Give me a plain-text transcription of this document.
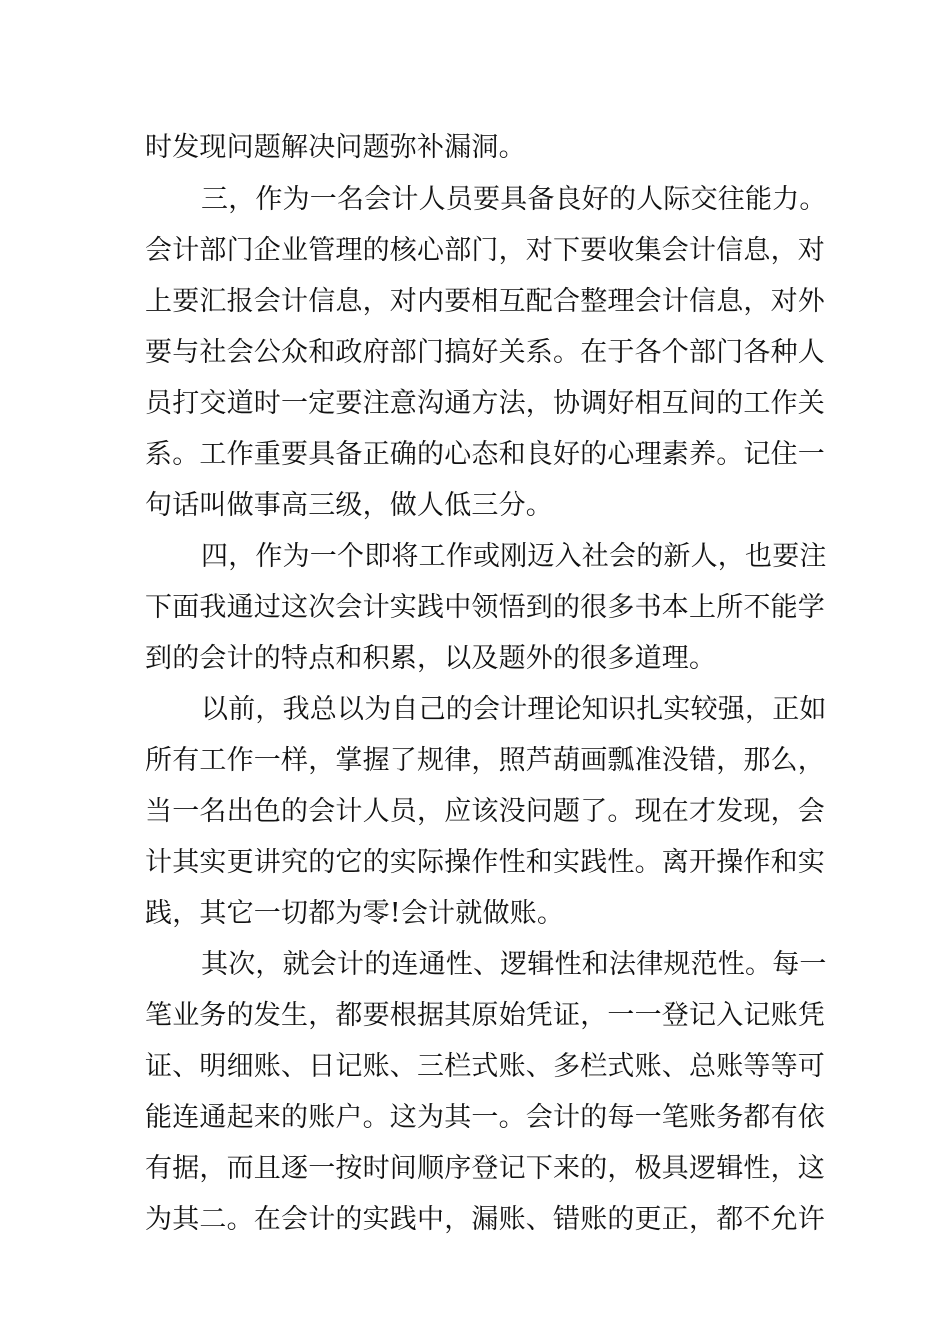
时发现问题解决问题弥补漏洞。
三，作为一名会计人员要具备良好的人际交往能力。
会计部门企业管理的核心部门，对下要收集会计信息，对
上要汇报会计信息，对内要相互配合整理会计信息，对外
要与社会公众和政府部门搞好关系。在于各个部门各种人
员打交道时一定要注意沟通方法，协调好相互间的工作关
系。工作重要具备正确的心态和良好的心理素养。记住一
句话叫做事高三级，做人低三分。
四，作为一个即将工作或刚迈入社会的新人，也要注
下面我通过这次会计实践中领悟到的很多书本上所不能学
到的会计的特点和积累，以及题外的很多道理。
以前，我总以为自己的会计理论知识扎实较强，正如
所有工作一样，掌握了规律，照芦葫画瓢准没错，那么，
当一名出色的会计人员，应该没问题了。现在才发现，会
计其实更讲究的它的实际操作性和实践性。离开操作和实
践，其它一切都为零!会计就做账。
其次，就会计的连通性、逻辑性和法律规范性。每一
笔业务的发生，都要根据其原始凭证，一一登记入记账凭
证、明细账、日记账、三栏式账、多栏式账、总账等等可
能连通起来的账户。这为其一。会计的每一笔账务都有依
有据，而且逐一按时间顺序登记下来的，极具逻辑性，这
为其二。在会计的实践中，漏账、错账的更正，都不允许
